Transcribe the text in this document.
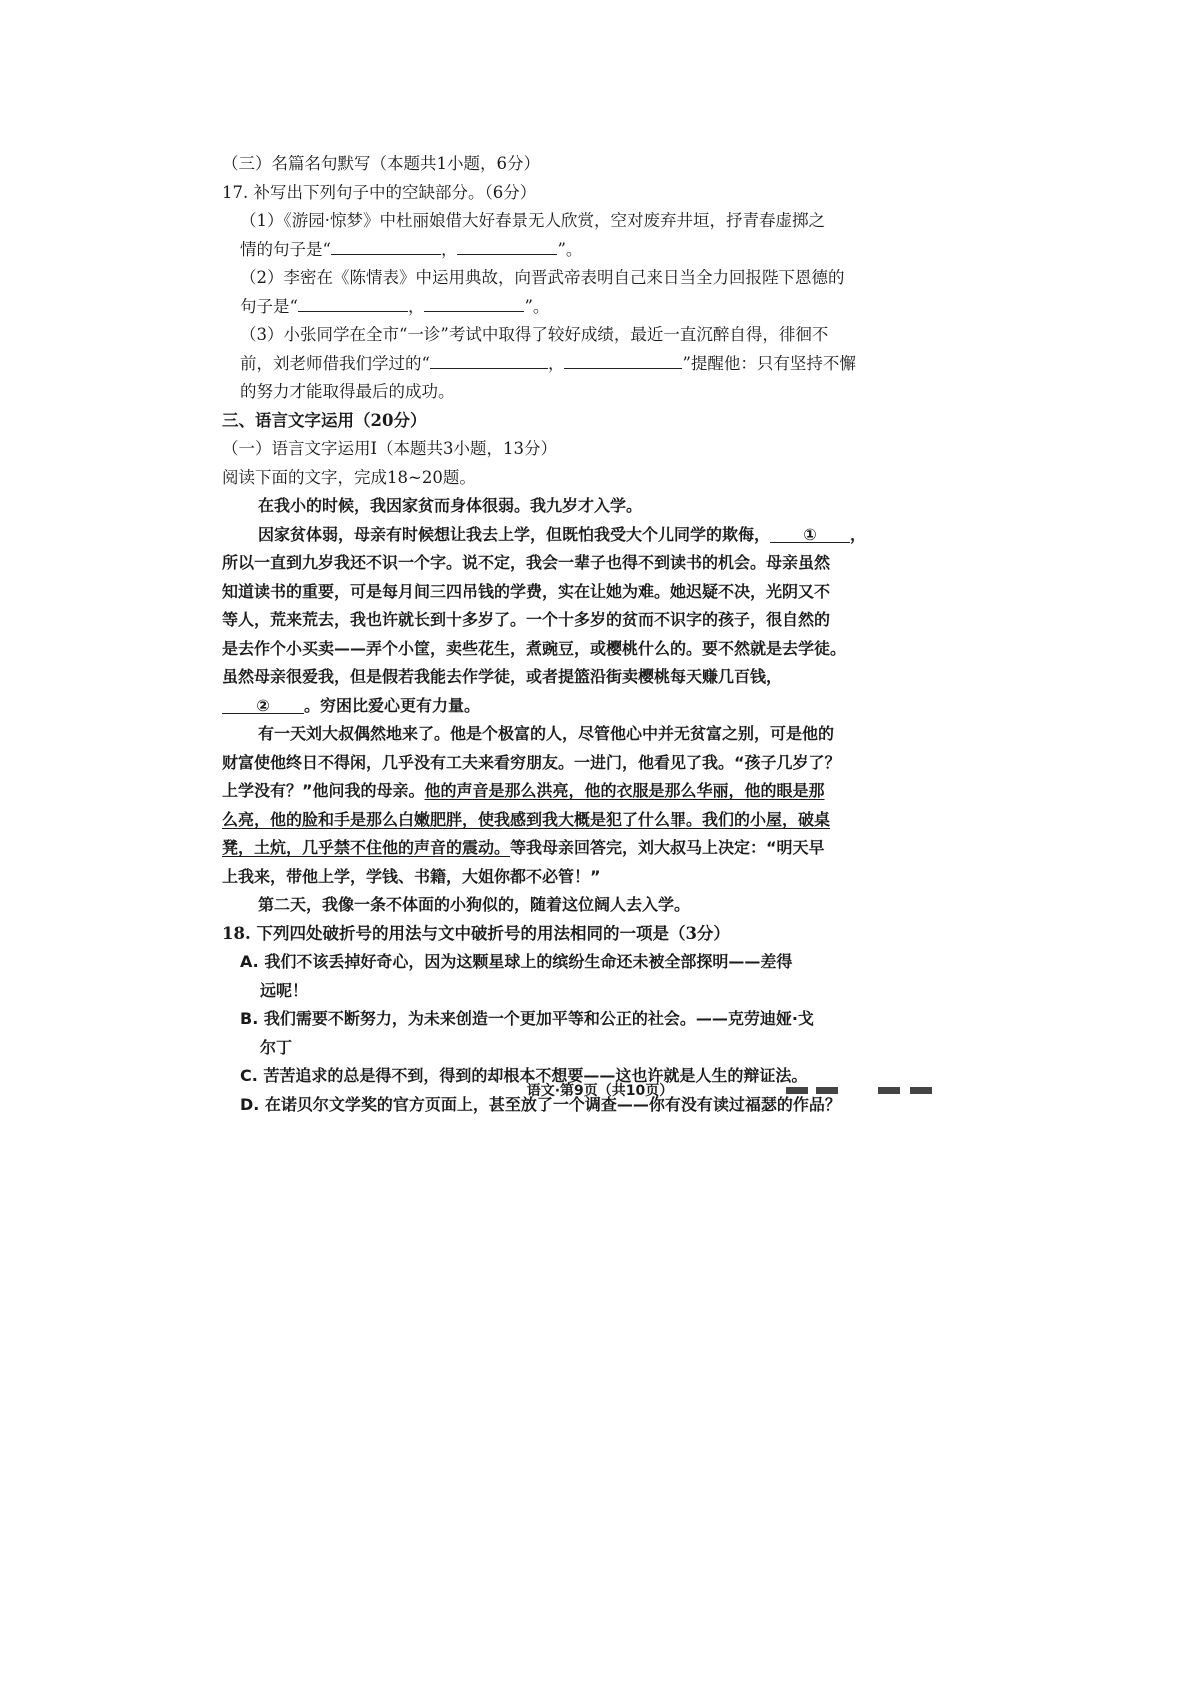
（三）名篇名句默写（本题共1小题，6分）
17. 补写出下列句子中的空缺部分。（6分）
（1）《游园·惊梦》中杜丽娘借大好春景无人欣赏，空对废弃井垣，抒青春虚掷之
情的句子是“	，	”。
（2）李密在《陈情表》中运用典故，向晋武帝表明自己来日当全力回报陛下恩德的
句子是“	，	”。
（3）小张同学在全市“一诊”考试中取得了较好成绩，最近一直沉醉自得，徘徊不
前，刘老师借我们学过的“	，	”提醒他：只有坚持不懈
的努力才能取得最后的成功。
三、语言文字运用（20分）
（一）语言文字运用Ⅰ（本题共3小题，13分）
阅读下面的文字，完成18~20题。
在我小的时候，我因家贫而身体很弱。我九岁才入学。
因家贫体弱，母亲有时候想让我去上学，但既怕我受大个儿同学的欺侮， ① ，
所以一直到九岁我还不识一个字。说不定，我会一辈子也得不到读书的机会。母亲虽然
知道读书的重要，可是每月间三四吊钱的学费，实在让她为难。她迟疑不决，光阴又不
等人，荒来荒去，我也许就长到十多岁了。一个十多岁的贫而不识字的孩子，很自然的
是去作个小买卖——弄个小筐，卖些花生，煮豌豆，或樱桃什么的。要不然就是去学徒。
虽然母亲很爱我，但是假若我能去作学徒，或者提篮沿街卖樱桃每天赚几百钱，
② 。穷困比爱心更有力量。
有一天刘大叔偶然地来了。他是个极富的人，尽管他心中并无贫富之别，可是他的
财富使他终日不得闲，几乎没有工夫来看穷朋友。一进门，他看见了我。“孩子几岁了？
上学没有？”他问我的母亲。他的声音是那么洪亮，他的衣服是那么华丽，他的眼是那
么亮，他的脸和手是那么白嫩肥胖，使我感到我大概是犯了什么罪。我们的小屋，破桌
凳，土炕，几乎禁不住他的声音的震动。等我母亲回答完，刘大叔马上决定：“明天早
上我来，带他上学，学钱、书籍，大姐你都不必管！”
第二天，我像一条不体面的小狗似的，随着这位阔人去入学。
18. 下列四处破折号的用法与文中破折号的用法相同的一项是（3分）
A. 我们不该丢掉好奇心，因为这颗星球上的缤纷生命还未被全部探明——差得
远呢！
B. 我们需要不断努力，为未来创造一个更加平等和公正的社会。——克劳迪娅·戈
尔丁
C. 苦苦追求的总是得不到，得到的却根本不想要——这也许就是人生的辩证法。
D. 在诺贝尔文学奖的官方页面上，甚至放了一个调查——你有没有读过福瑟的作品？
语文·第9页（共10页）
